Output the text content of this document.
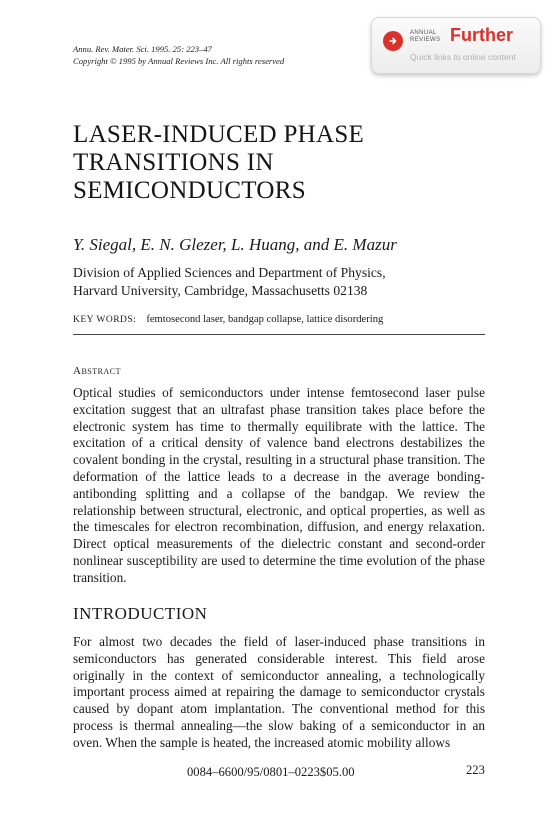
Annu. Rev. Mater. Sci. 1995. 25: 223–47
Copyright © 1995 by Annual Reviews Inc. All rights reserved
ANNUAL REVIEWS Further
Quick links to online content
LASER-INDUCED PHASE
TRANSITIONS IN
SEMICONDUCTORS
Y. Siegal, E. N. Glezer, L. Huang, and E. Mazur
Division of Applied Sciences and Department of Physics,
Harvard University, Cambridge, Massachusetts 02138
KEY WORDS: femtosecond laser, bandgap collapse, lattice disordering
Abstract

Optical studies of semiconductors under intense femtosecond laser pulse excitation suggest that an ultrafast phase transition takes place before the electronic system has time to thermally equilibrate with the lattice. The excitation of a critical density of valence band electrons destabilizes the covalent bonding in the crystal, resulting in a structural phase transition. The deformation of the lattice leads to a decrease in the average bonding-antibonding splitting and a collapse of the bandgap. We review the relationship between structural, electronic, and optical properties, as well as the timescales for electron recombination, diffusion, and energy relaxation. Direct optical measurements of the dielectric constant and second-order nonlinear susceptibility are used to determine the time evolution of the phase transition.

INTRODUCTION

For almost two decades the field of laser-induced phase transitions in semiconductors has generated considerable interest. This field arose originally in the context of semiconductor annealing, a technologically important process aimed at repairing the damage to semiconductor crystals caused by dopant atom implantation. The conventional method for this process is thermal annealing—the slow baking of a semiconductor in an oven. When the sample is heated, the increased atomic mobility allows

0084–6600/95/0801–0223$05.00	223
